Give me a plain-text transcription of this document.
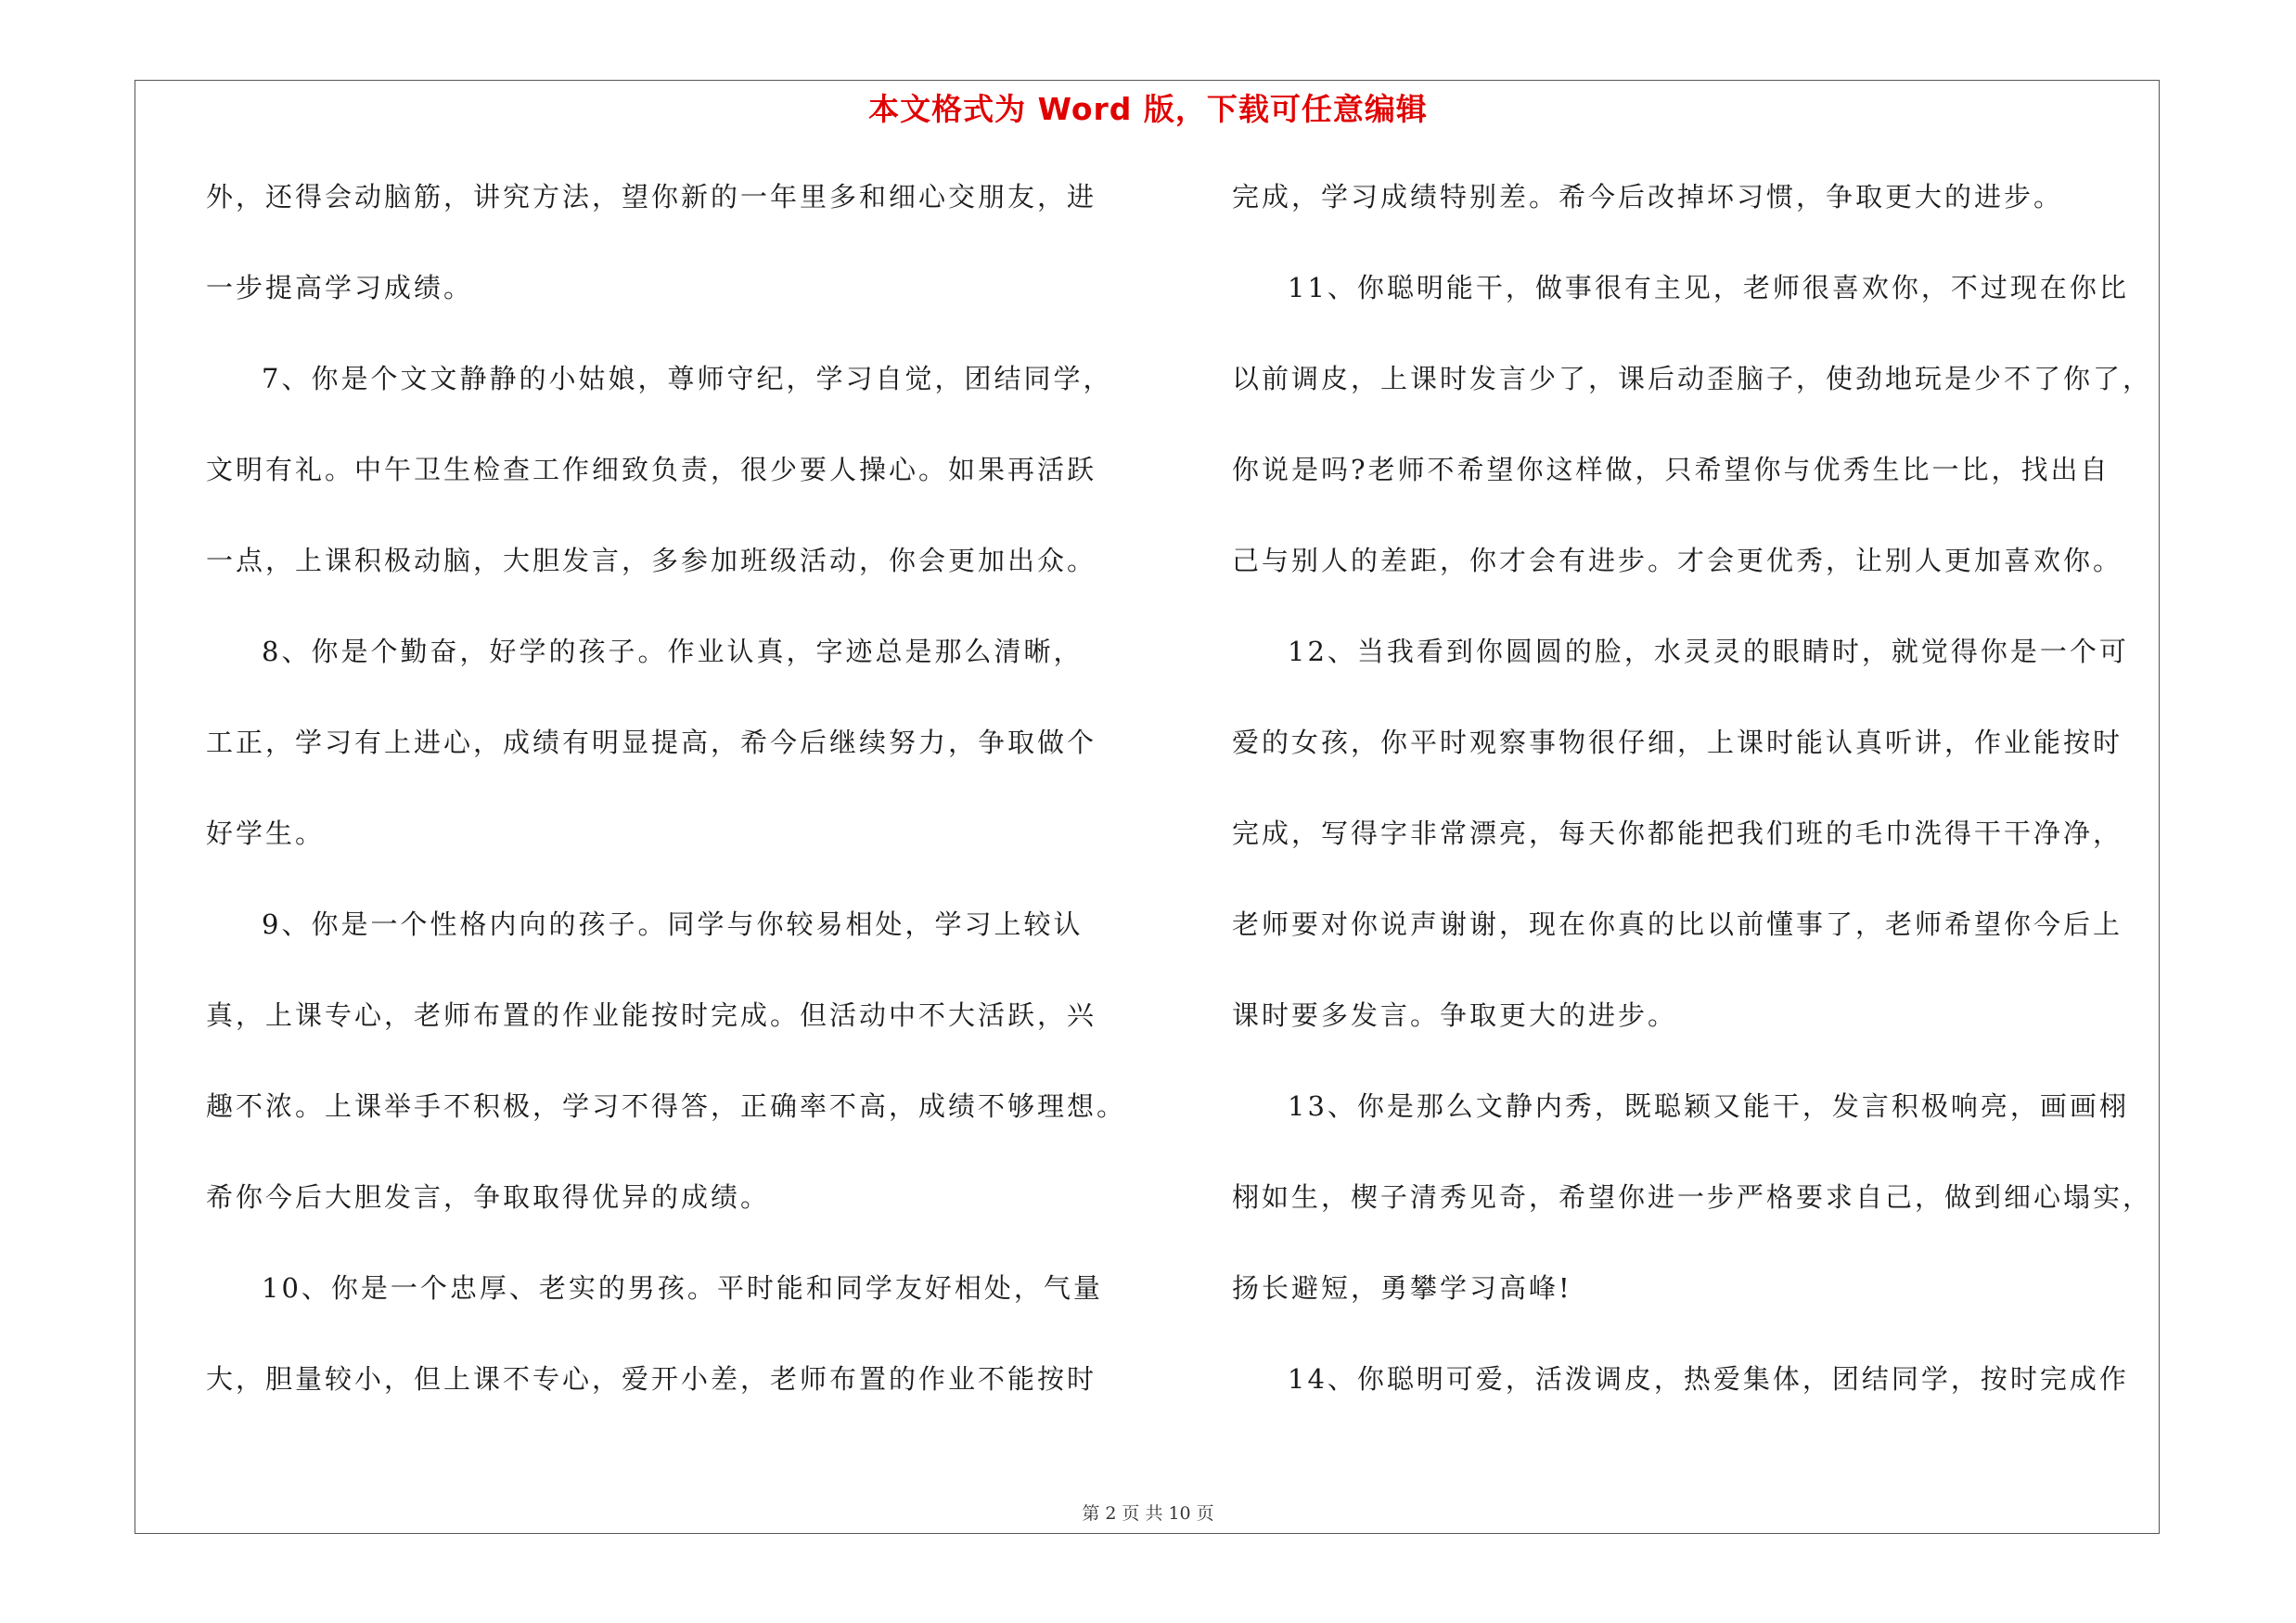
本文格式为 Word 版，下载可任意编辑
外，还得会动脑筋，讲究方法，望你新的一年里多和细心交朋友，进
一步提高学习成绩。
7、你是个文文静静的小姑娘，尊师守纪，学习自觉，团结同学，
文明有礼。中午卫生检查工作细致负责，很少要人操心。如果再活跃
一点，上课积极动脑，大胆发言，多参加班级活动，你会更加出众。
8、你是个勤奋，好学的孩子。作业认真，字迹总是那么清晰，
工正，学习有上进心，成绩有明显提高，希今后继续努力，争取做个
好学生。
9、你是一个性格内向的孩子。同学与你较易相处，学习上较认
真，上课专心，老师布置的作业能按时完成。但活动中不大活跃，兴
趣不浓。上课举手不积极，学习不得答，正确率不高，成绩不够理想。
希你今后大胆发言，争取取得优异的成绩。
10、你是一个忠厚、老实的男孩。平时能和同学友好相处，气量
大，胆量较小，但上课不专心，爱开小差，老师布置的作业不能按时
完成，学习成绩特别差。希今后改掉坏习惯，争取更大的进步。
11、你聪明能干，做事很有主见，老师很喜欢你，不过现在你比
以前调皮，上课时发言少了，课后动歪脑子，使劲地玩是少不了你了，
你说是吗?老师不希望你这样做，只希望你与优秀生比一比，找出自
己与别人的差距，你才会有进步。才会更优秀，让别人更加喜欢你。
12、当我看到你圆圆的脸，水灵灵的眼睛时，就觉得你是一个可
爱的女孩，你平时观察事物很仔细，上课时能认真听讲，作业能按时
完成，写得字非常漂亮，每天你都能把我们班的毛巾洗得干干净净，
老师要对你说声谢谢，现在你真的比以前懂事了，老师希望你今后上
课时要多发言。争取更大的进步。
13、你是那么文静内秀，既聪颖又能干，发言积极响亮，画画栩
栩如生，楔子清秀见奇，希望你进一步严格要求自己，做到细心塌实，
扬长避短，勇攀学习高峰!
14、你聪明可爱，活泼调皮，热爱集体，团结同学，按时完成作
第 2 页 共 10 页
